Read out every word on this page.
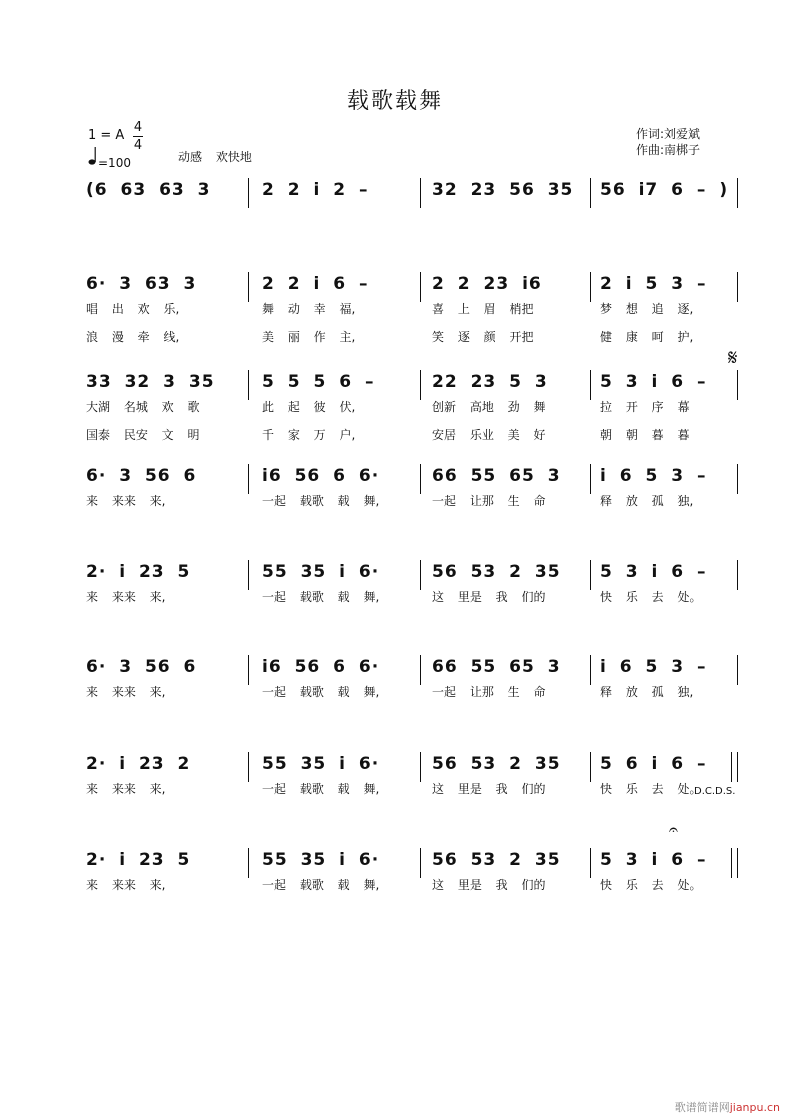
载歌载舞
1 = A
4
4
=100	动感 欢快地
作词:刘爱斌
作曲:南梆子
(6 63 63 3	2 2 i 2 –	32 23 56 35 56 i7 6 – )
6· 3 63 3
唱 出 欢 乐,
浪 漫 牵 线,
2 2 i 6 –
舞 动 幸 福,
美 丽 作 主,
2 2 23 i6
喜 上 眉 梢把
笑 逐 颜 开把
2 i 5 3 –
梦 想 追 逐,
健 康 呵 护,
33 32 3 35
大湖 名城 欢 歌
国泰 民安 文 明
5 5 5 6 –
此 起 彼 伏,
千 家 万 户,
22 23 5 3
创新 高地 劲 舞
安居 乐业 美 好
5 3 i 6 –
拉 开 序 幕
朝 朝 暮 暮
6· 3 56 6
来 来来 来,
i6 56 6 6·
一起 载歌 载 舞,
66 55 65 3
一起 让那 生 命
i 6 5 3 –
释 放 孤 独,
2· i 23 5
来 来来 来,
55 35 i 6·
一起 载歌 载 舞,
56 53 2 35
这 里是 我 们的
5 3 i 6 –
快 乐 去 处。
6· 3 56 6
来 来来 来,
i6 56 6 6·
一起 载歌 载 舞,
66 55 65 3
一起 让那 生 命
i 6 5 3 –
释 放 孤 独,
2· i 23 2
来 来来 来,
55 35 i 6·
一起 载歌 载 舞,
56 53 2 35
这 里是 我 们的
5 6 i 6 –
快 乐 去 处。
2· i 23 5
来 来来 来,
55 35 i 6·
一起 载歌 载 舞,
56 53 2 35
这 里是 我 们的
5 3 i 6 –
快 乐 去 处。
𝄋
𝄐
D.C.D.S.
歌谱简谱网jianpu.cn
